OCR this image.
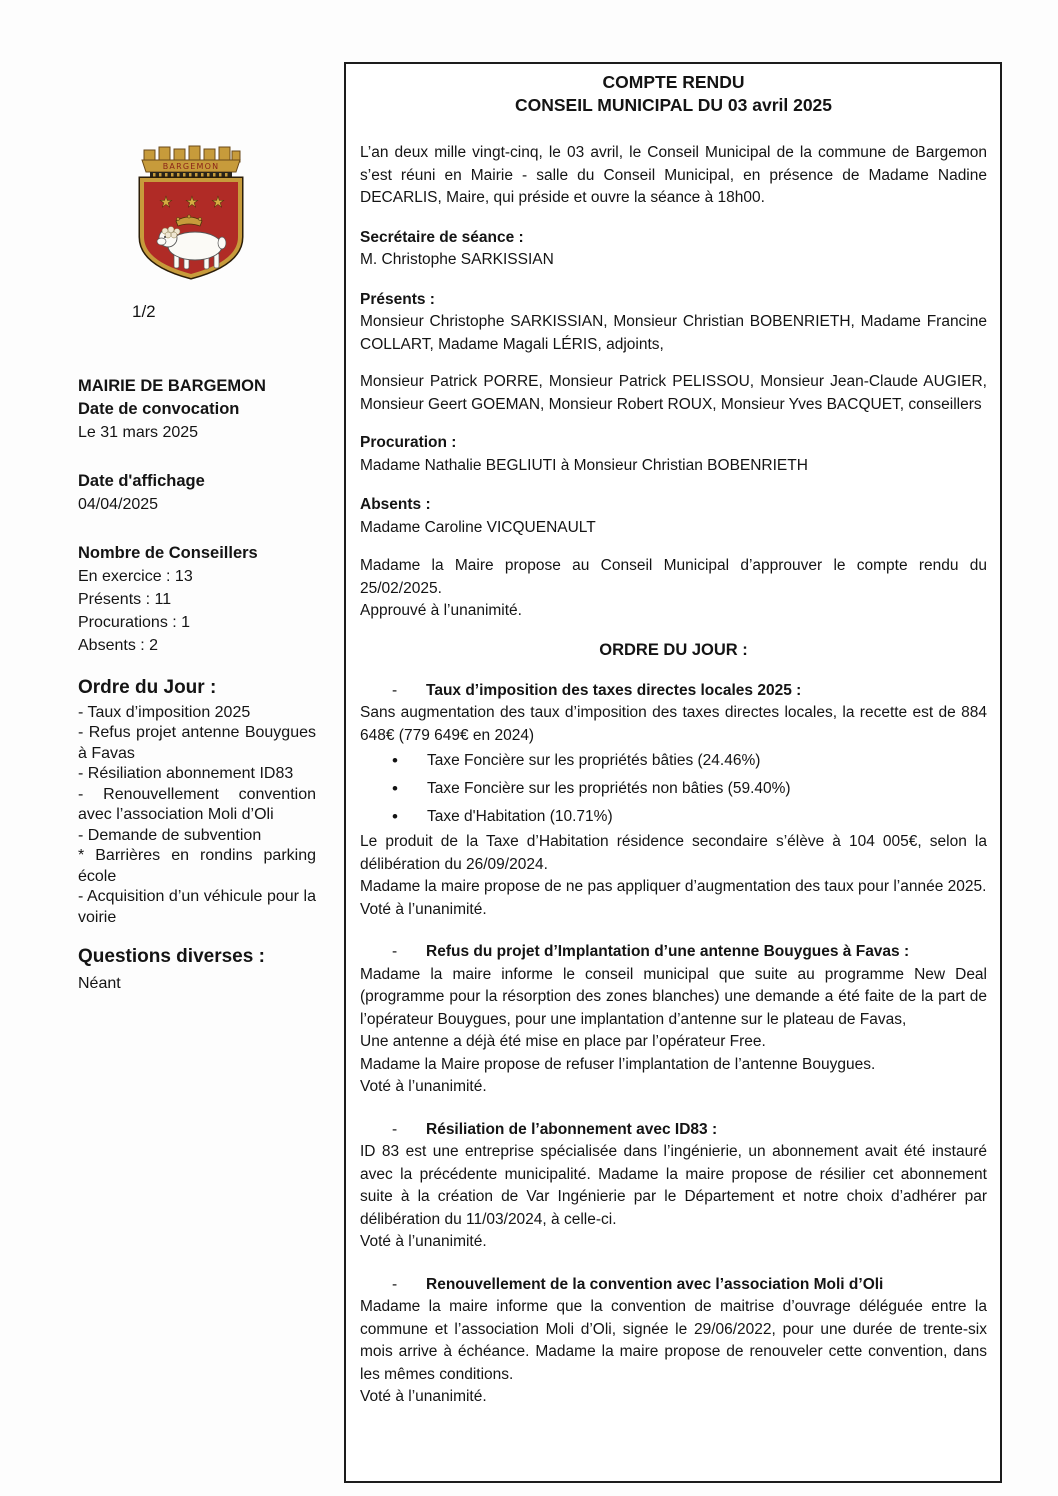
BARGEMON
★ ★ ★
1/2
MAIRIE DE BARGEMON
Date de convocation
Le 31 mars 2025
Date d'affichage
04/04/2025
Nombre de Conseillers
En exercice : 13
Présents : 11
Procurations : 1
Absents : 2
Ordre du Jour :
- Taux d’imposition 2025
- Refus projet antenne Bouygues à Favas
- Résiliation abonnement ID83
- Renouvellement convention avec l’association Moli d’Oli
- Demande de subvention
* Barrières en rondins parking école
- Acquisition d’un véhicule pour la voirie
Questions diverses :
Néant
COMPTE RENDU
CONSEIL MUNICIPAL DU 03 avril 2025

L’an deux mille vingt-cinq, le 03 avril, le Conseil Municipal de la commune de Bargemon s’est réuni en Mairie - salle du Conseil Municipal, en présence de Madame Nadine DECARLIS, Maire, qui préside et ouvre la séance à 18h00.

Secrétaire de séance :
M. Christophe SARKISSIAN
Présents :

Monsieur Christophe SARKISSIAN, Monsieur Christian BOBENRIETH, Madame Francine COLLART, Madame Magali LÉRIS, adjoints,

Monsieur Patrick PORRE, Monsieur Patrick PELISSOU, Monsieur Jean-Claude AUGIER, Monsieur Geert GOEMAN, Monsieur Robert ROUX, Monsieur Yves BACQUET, conseillers

Procuration :
Madame Nathalie BEGLIUTI à Monsieur Christian BOBENRIETH
Absents :
Madame Caroline VICQUENAULT

Madame la Maire propose au Conseil Municipal d’approuver le compte rendu du 25/02/2025.

Approuvé à l’unanimité.

ORDRE DU JOUR :
- Taux d’imposition des taxes directes locales 2025 :

Sans augmentation des taux d’imposition des taxes directes locales, la recette est de 884 648€ (779 649€ en 2024)

•
Taxe Foncière sur les propriétés bâties (24.46%)
•
Taxe Foncière sur les propriétés non bâties (59.40%)
•
Taxe d'Habitation (10.71%)

Le produit de la Taxe d’Habitation résidence secondaire s’élève à 104 005€, selon la délibération du 26/09/2024.

Madame la maire propose de ne pas appliquer d’augmentation des taux pour l’année 2025.

Voté à l’unanimité.

- Refus du projet d’Implantation d’une antenne Bouygues à Favas :

Madame la maire informe le conseil municipal que suite au programme New Deal (programme pour la résorption des zones blanches) une demande a été faite de la part de l’opérateur Bouygues, pour une implantation d’antenne sur le plateau de Favas,

Une antenne a déjà été mise en place par l’opérateur Free.

Madame la Maire propose de refuser l’implantation de l’antenne Bouygues.

Voté à l’unanimité.

- Résiliation de l’abonnement avec ID83 :

ID 83 est une entreprise spécialisée dans l’ingénierie, un abonnement avait été instauré avec la précédente municipalité. Madame la maire propose de résilier cet abonnement suite à la création de Var Ingénierie par le Département et notre choix d’adhérer par délibération du 11/03/2024, à celle-ci.

Voté à l’unanimité.

- Renouvellement de la convention avec l’association Moli d’Oli

Madame la maire informe que la convention de maitrise d’ouvrage déléguée entre la commune et l’association Moli d’Oli, signée le 29/06/2022, pour une durée de trente-six mois arrive à échéance. Madame la maire propose de renouveler cette convention, dans les mêmes conditions.

Voté à l’unanimité.
